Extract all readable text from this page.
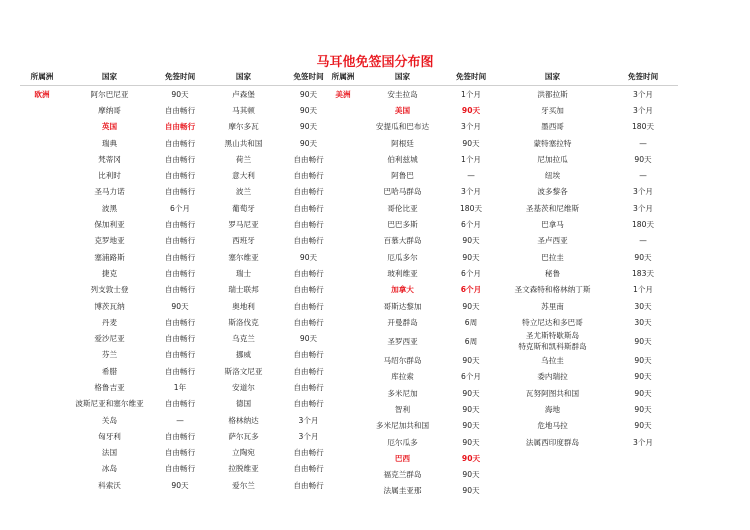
马耳他免签国分布图
所属洲	国家	免签时间	国家	免签时间
欧洲	阿尔巴尼亚	90天	卢森堡	90天
	摩纳哥	自由畅行	马其顿	90天
	英国	自由畅行	摩尔多瓦	90天
	瑞典	自由畅行	黑山共和国	90天
	梵蒂冈	自由畅行	荷兰	自由畅行
	比利时	自由畅行	意大利	自由畅行
	圣马力诺	自由畅行	波兰	自由畅行
	波黑	6个月	葡萄牙	自由畅行
	保加利亚	自由畅行	罗马尼亚	自由畅行
	克罗地亚	自由畅行	西班牙	自由畅行
	塞浦路斯	自由畅行	塞尔维亚	90天
	捷克	自由畅行	瑞士	自由畅行
	列支敦士登	自由畅行	瑞士联邦	自由畅行
	博茨瓦纳	90天	奥地利	自由畅行
	丹麦	自由畅行	斯洛伐克	自由畅行
	爱沙尼亚	自由畅行	乌克兰	90天
	芬兰	自由畅行	挪威	自由畅行
	希腊	自由畅行	斯洛文尼亚	自由畅行
	格鲁吉亚	1年	安道尔	自由畅行
	波斯尼亚和塞尔维亚	自由畅行	德国	自由畅行
	关岛	—	格林纳达	3个月
	匈牙利	自由畅行	萨尔瓦多	3个月
	法国	自由畅行	立陶宛	自由畅行
	冰岛	自由畅行	拉脱维亚	自由畅行
	科索沃	90天	爱尔兰	自由畅行
所属洲	国家	免签时间	国家	免签时间
美洲	安圭拉岛	1个月	洪都拉斯	3个月
	美国	90天	牙买加	3个月
	安提瓜和巴布达	3个月	墨西哥	180天
	阿根廷	90天	蒙特塞拉特	—
	伯利兹城	1个月	尼加拉瓜	90天
	阿鲁巴	—	纽埃	—
	巴哈马群岛	3个月	波多黎各	3个月
	哥伦比亚	180天	圣基茨和尼维斯	3个月
	巴巴多斯	6个月	巴拿马	180天
	百慕大群岛	90天	圣卢西亚	—
	厄瓜多尔	90天	巴拉圭	90天
	玻利维亚	6个月	秘鲁	183天
	加拿大	6个月	圣文森特和格林纳丁斯	1个月
	哥斯达黎加	90天	苏里南	30天
	开曼群岛	6周	特立尼达和多巴哥	30天
	圣罗西亚	6周	圣尤斯特歇斯岛
特克斯和凯科斯群岛	90天
	马绍尔群岛	90天	乌拉圭	90天
	库拉索	6个月	委内瑞拉	90天
	多米尼加	90天	瓦努阿图共和国	90天
	智利	90天	海地	90天
	多米尼加共和国	90天	危地马拉	90天
	厄尔瓜多	90天	法属西印度群岛	3个月
	巴西	90天		
	福克兰群岛	90天		
	法属圭亚那	90天		
